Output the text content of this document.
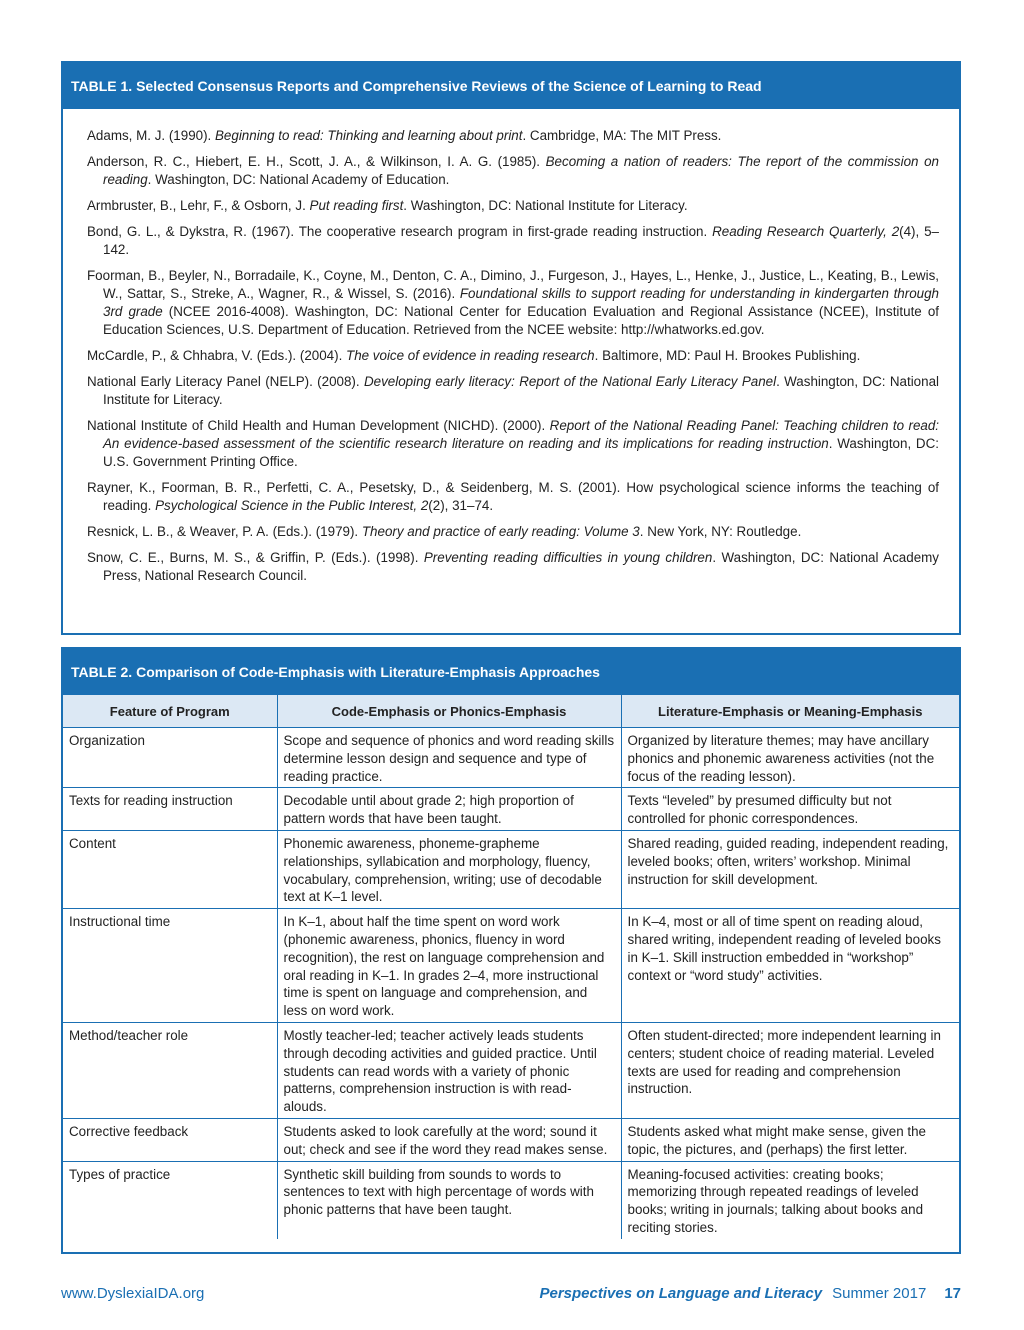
TABLE 1. Selected Consensus Reports and Comprehensive Reviews of the Science of Learning to Read

Adams, M. J. (1990). Beginning to read: Thinking and learning about print. Cambridge, MA: The MIT Press.

Anderson, R. C., Hiebert, E. H., Scott, J. A., & Wilkinson, I. A. G. (1985). Becoming a nation of readers: The report of the commission on reading. Washington, DC: National Academy of Education.

Armbruster, B., Lehr, F., & Osborn, J. Put reading first. Washington, DC: National Institute for Literacy.

Bond, G. L., & Dykstra, R. (1967). The cooperative research program in first-grade reading instruction. Reading Research Quarterly, 2(4), 5–142.

Foorman, B., Beyler, N., Borradaile, K., Coyne, M., Denton, C. A., Dimino, J., Furgeson, J., Hayes, L., Henke, J., Justice, L., Keating, B., Lewis, W., Sattar, S., Streke, A., Wagner, R., & Wissel, S. (2016). Foundational skills to support reading for understanding in kindergarten through 3rd grade (NCEE 2016-4008). Washington, DC: National Center for Education Evaluation and Regional Assistance (NCEE), Institute of Education Sciences, U.S. Department of Education. Retrieved from the NCEE website: http://whatworks.ed.gov.

McCardle, P., & Chhabra, V. (Eds.). (2004). The voice of evidence in reading research. Baltimore, MD: Paul H. Brookes Publishing.

National Early Literacy Panel (NELP). (2008). Developing early literacy: Report of the National Early Literacy Panel. Washington, DC: National Institute for Literacy.

National Institute of Child Health and Human Development (NICHD). (2000). Report of the National Reading Panel: Teaching children to read: An evidence-based assessment of the scientific research literature on reading and its implications for reading instruction. Washington, DC: U.S. Government Printing Office.

Rayner, K., Foorman, B. R., Perfetti, C. A., Pesetsky, D., & Seidenberg, M. S. (2001). How psychological science informs the teaching of reading. Psychological Science in the Public Interest, 2(2), 31–74.

Resnick, L. B., & Weaver, P. A. (Eds.). (1979). Theory and practice of early reading: Volume 3. New York, NY: Routledge.

Snow, C. E., Burns, M. S., & Griffin, P. (Eds.). (1998). Preventing reading difficulties in young children. Washington, DC: National Academy Press, National Research Council.

TABLE 2. Comparison of Code-Emphasis with Literature-Emphasis Approaches
Feature of Program	Code-Emphasis or Phonics-Emphasis	Literature-Emphasis or Meaning-Emphasis
Organization	Scope and sequence of phonics and word reading skills determine lesson design and sequence and type of reading practice.	Organized by literature themes; may have ancillary phonics and phonemic awareness activities (not the focus of the reading lesson).
Texts for reading instruction	Decodable until about grade 2; high proportion of pattern words that have been taught.	Texts “leveled” by presumed difficulty but not controlled for phonic correspondences.
Content	Phonemic awareness, phoneme-grapheme relationships, syllabication and morphology, fluency, vocabulary, comprehension, writing; use of decodable text at K–1 level.	Shared reading, guided reading, independent reading, leveled books; often, writers’ workshop. Minimal instruction for skill development.
Instructional time	In K–1, about half the time spent on word work (phonemic awareness, phonics, fluency in word recognition), the rest on language comprehension and oral reading in K–1. In grades 2–4, more instructional time is spent on language and comprehension, and less on word work.	In K–4, most or all of time spent on reading aloud, shared writing, independent reading of leveled books in K–1. Skill instruction embedded in “workshop” context or “word study” activities.
Method/teacher role	Mostly teacher-led; teacher actively leads students through decoding activities and guided practice. Until students can read words with a variety of phonic patterns, comprehension instruction is with read-alouds.	Often student-directed; more independent learning in centers; student choice of reading material. Leveled texts are used for reading and comprehension instruction.
Corrective feedback	Students asked to look carefully at the word; sound it out; check and see if the word they read makes sense.	Students asked what might make sense, given the topic, the pictures, and (perhaps) the first letter.
Types of practice	Synthetic skill building from sounds to words to sentences to text with high percentage of words with phonic patterns that have been taught.	Meaning-focused activities: creating books; memorizing through repeated readings of leveled books; writing in journals; talking about books and reciting stories.
www.DyslexiaIDA.org	Perspectives on Language and Literacy Summer 2017 17
